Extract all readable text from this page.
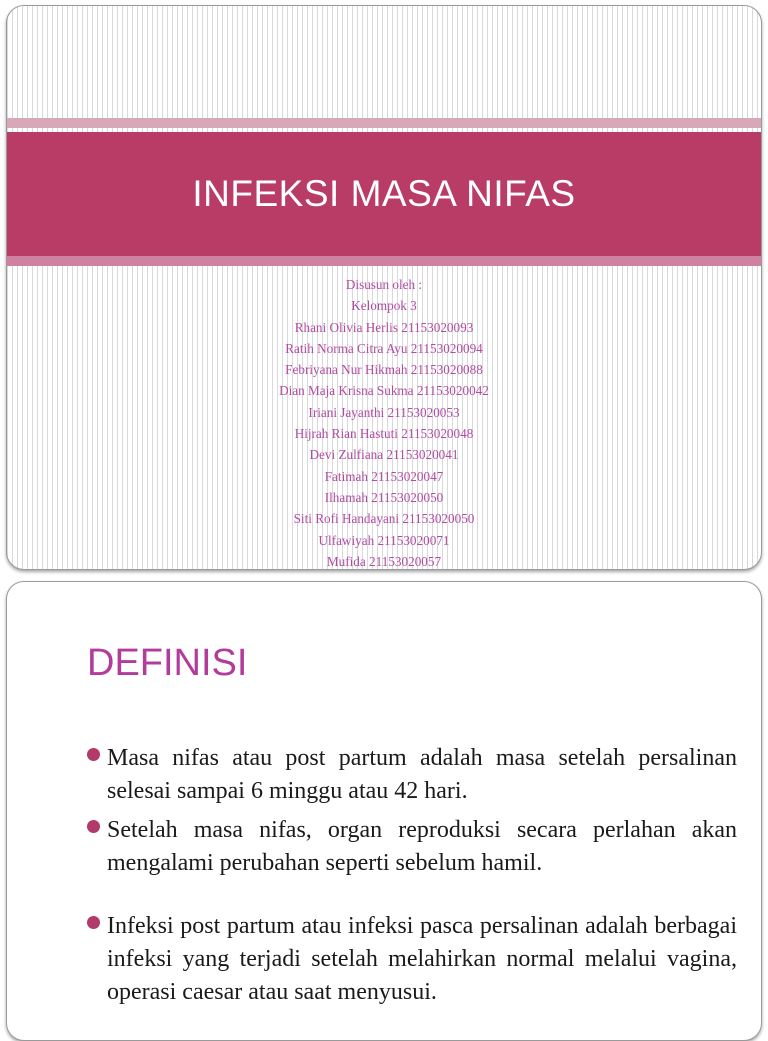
INFEKSI MASA NIFAS
Disusun oleh :
Kelompok 3
Rhani Olivia Herlis 21153020093
Ratih Norma Citra Ayu 21153020094
Febriyana Nur Hikmah 21153020088
Dian Maja Krisna Sukma 21153020042
Iriani Jayanthi 21153020053
Hijrah Rian Hastuti 21153020048
Devi Zulfiana 21153020041
Fatimah 21153020047
Ilhamah 21153020050
Siti Rofi Handayani 21153020050
Ulfawiyah 21153020071
Mufida 21153020057
DEFINISI
Masa nifas atau post partum adalah masa setelah persalinan selesai sampai 6 minggu atau 42 hari.
Setelah masa nifas, organ reproduksi secara perlahan akan mengalami perubahan seperti sebelum hamil.
Infeksi post partum atau infeksi pasca persalinan adalah berbagai infeksi yang terjadi setelah melahirkan normal melalui vagina, operasi caesar atau saat menyusui.
